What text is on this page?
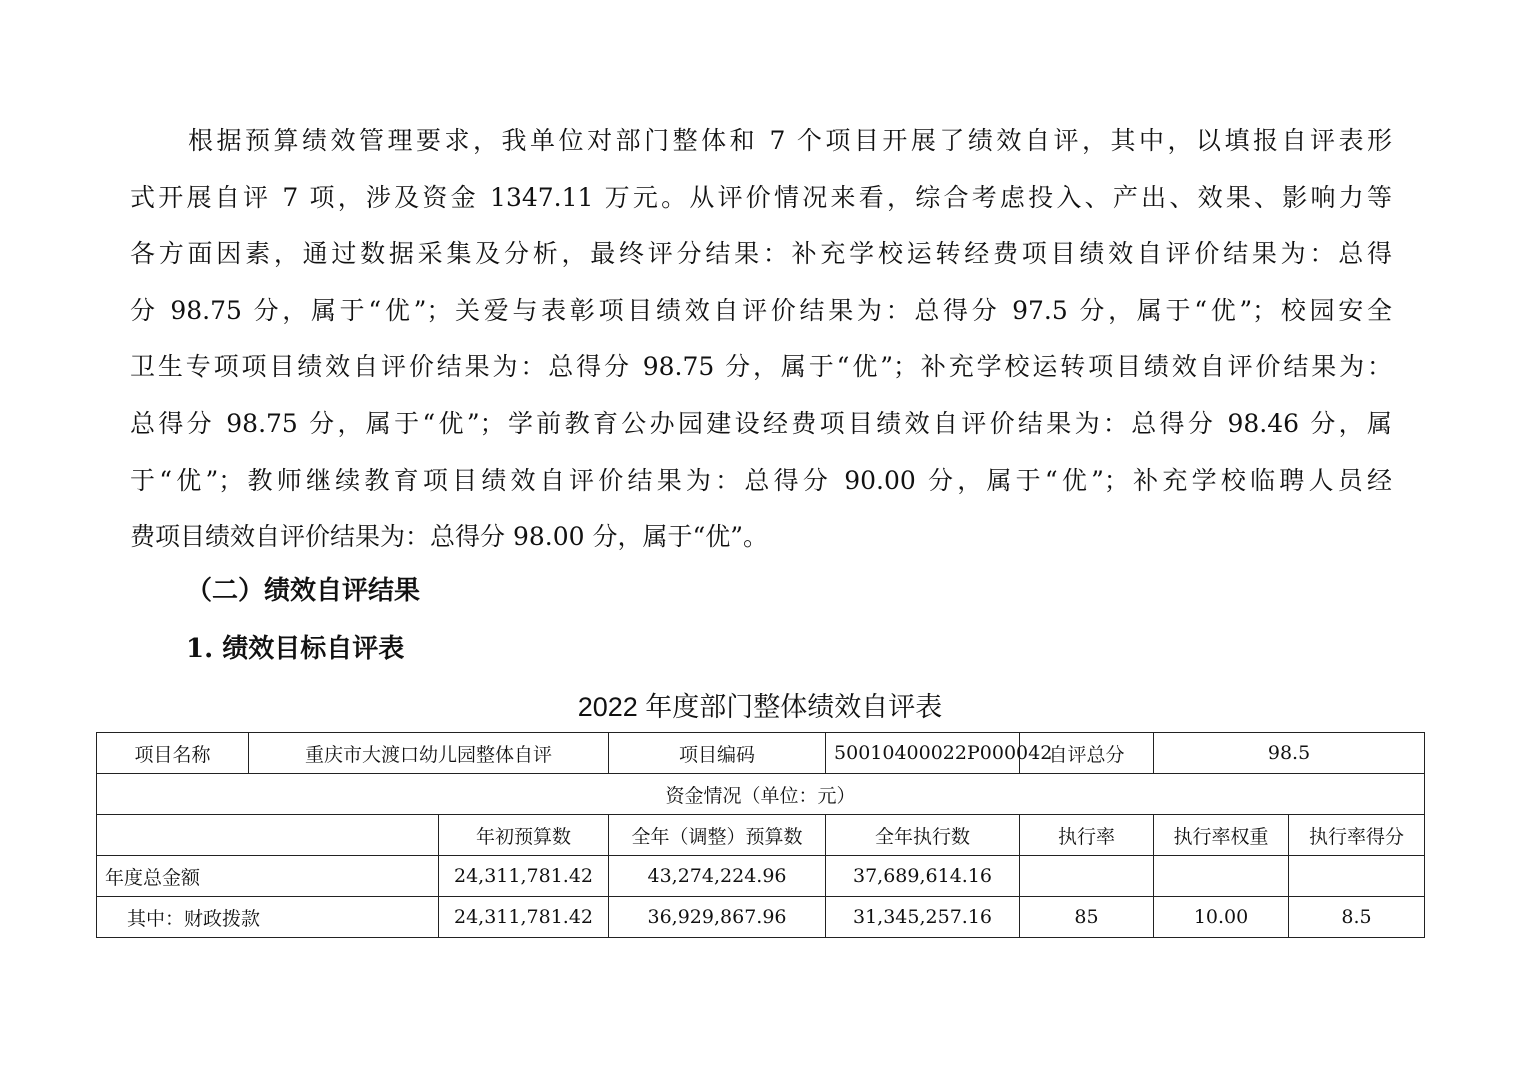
根据预算绩效管理要求，我单位对部门整体和 7 个项目开展了绩效自评，其中，以填报自评表形
式开展自评 7 项，涉及资金 1347.11 万元。从评价情况来看，综合考虑投入、产出、效果、影响力等
各方面因素，通过数据采集及分析，最终评分结果：补充学校运转经费项目绩效自评价结果为：总得
分 98.75 分，属于“优”；关爱与表彰项目绩效自评价结果为：总得分 97.5 分，属于“优”；校园安全
卫生专项项目绩效自评价结果为：总得分 98.75 分，属于“优”；补充学校运转项目绩效自评价结果为：
总得分 98.75 分，属于“优”；学前教育公办园建设经费项目绩效自评价结果为：总得分 98.46 分，属
于“优”；教师继续教育项目绩效自评价结果为：总得分 90.00 分，属于“优”；补充学校临聘人员经
费项目绩效自评价结果为：总得分 98.00 分，属于“优”。
（二）绩效自评结果
1. 绩效目标自评表
2022 年度部门整体绩效自评表
项目名称	重庆市大渡口幼儿园整体自评		项目编码	50010400022P000042	自评总分	98.5	
资金情况（单位：元）							
		年初预算数	全年（调整）预算数	全年执行数	执行率	执行率权重	执行率得分
年度总金额		24,311,781.42	43,274,224.96	37,689,614.16			
其中：财政拨款		24,311,781.42	36,929,867.96	31,345,257.16	85	10.00	8.5
